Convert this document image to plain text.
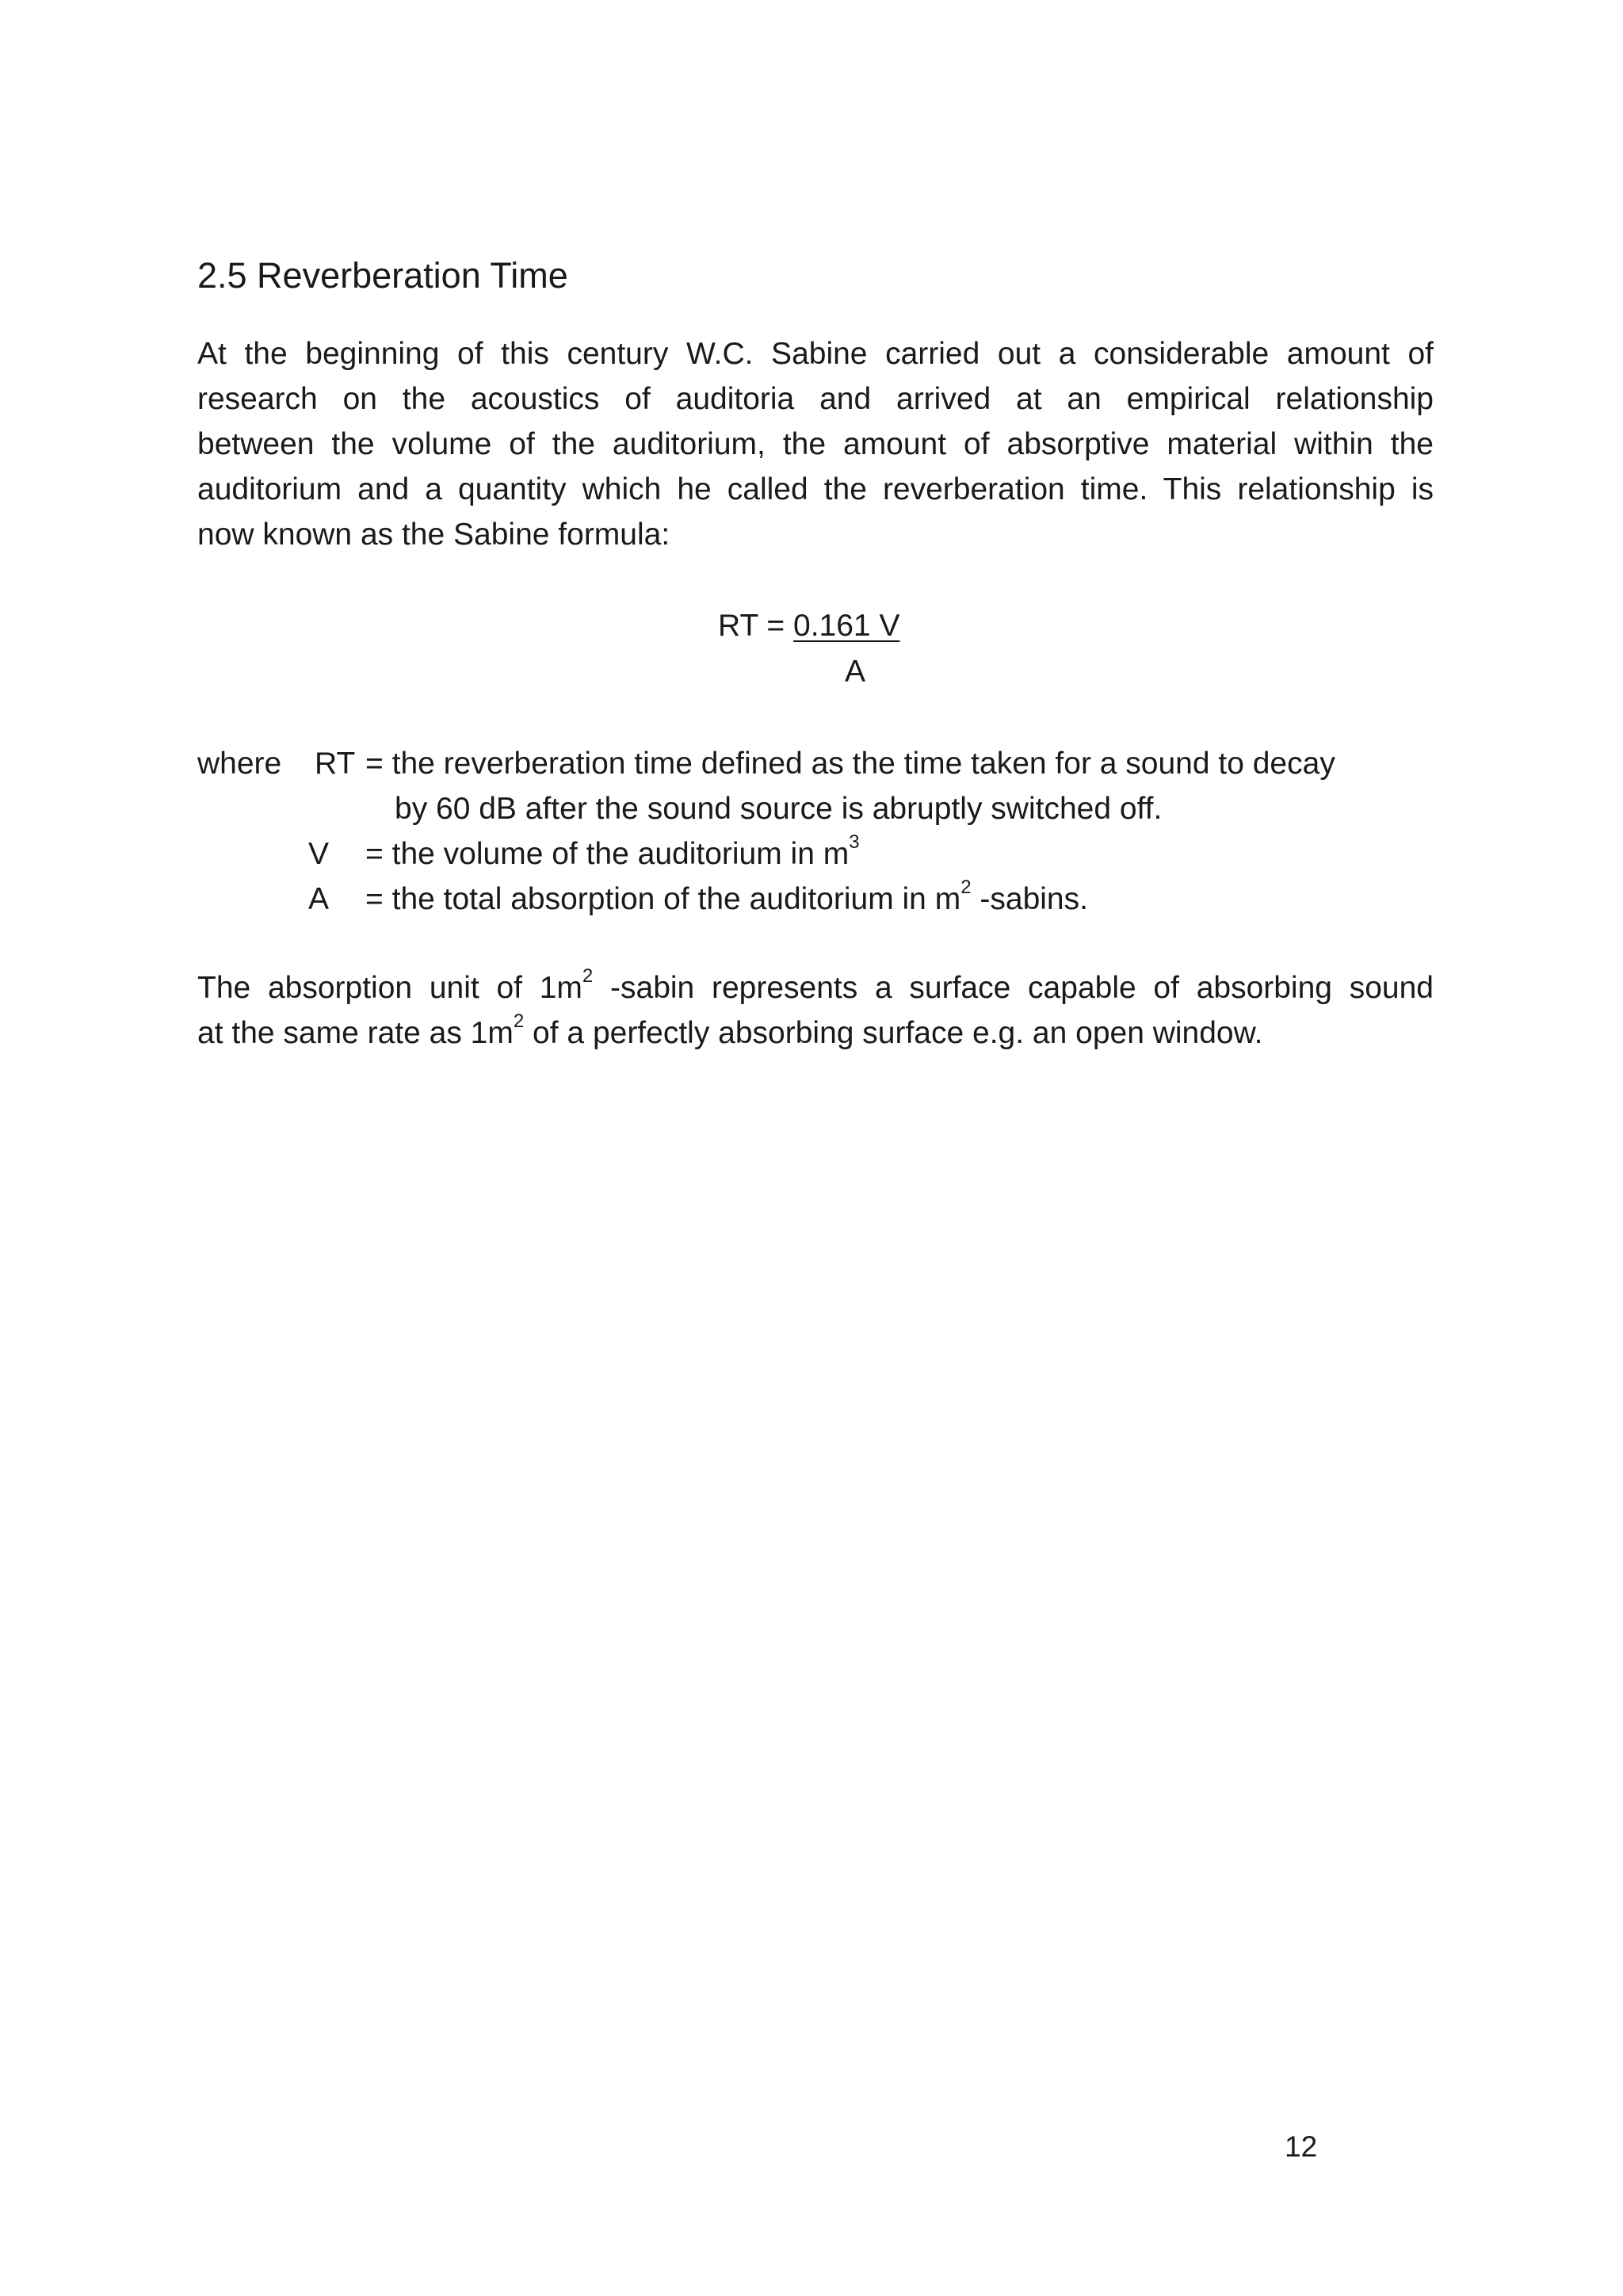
2.5 Reverberation Time
At the beginning of this century W.C. Sabine carried out a considerable amount of
research on the acoustics of auditoria and arrived at an empirical relationship
between the volume of the auditorium, the amount of absorptive material within the
auditorium and a quantity which he called the reverberation time. This relationship is
now known as the Sabine formula:
RT = 0.161 V
A
where RT = the reverberation time defined as the time taken for a sound to decay
by 60 dB after the sound source is abruptly switched off.
V = the volume of the auditorium in $m^3$
A = the total absorption of the auditorium in $m^2$ -sabins.
The absorption unit of $1m^2$ -sabin represents a surface capable of absorbing sound
at the same rate as $1m^2$ of a perfectly absorbing surface e.g. an open window.
12
